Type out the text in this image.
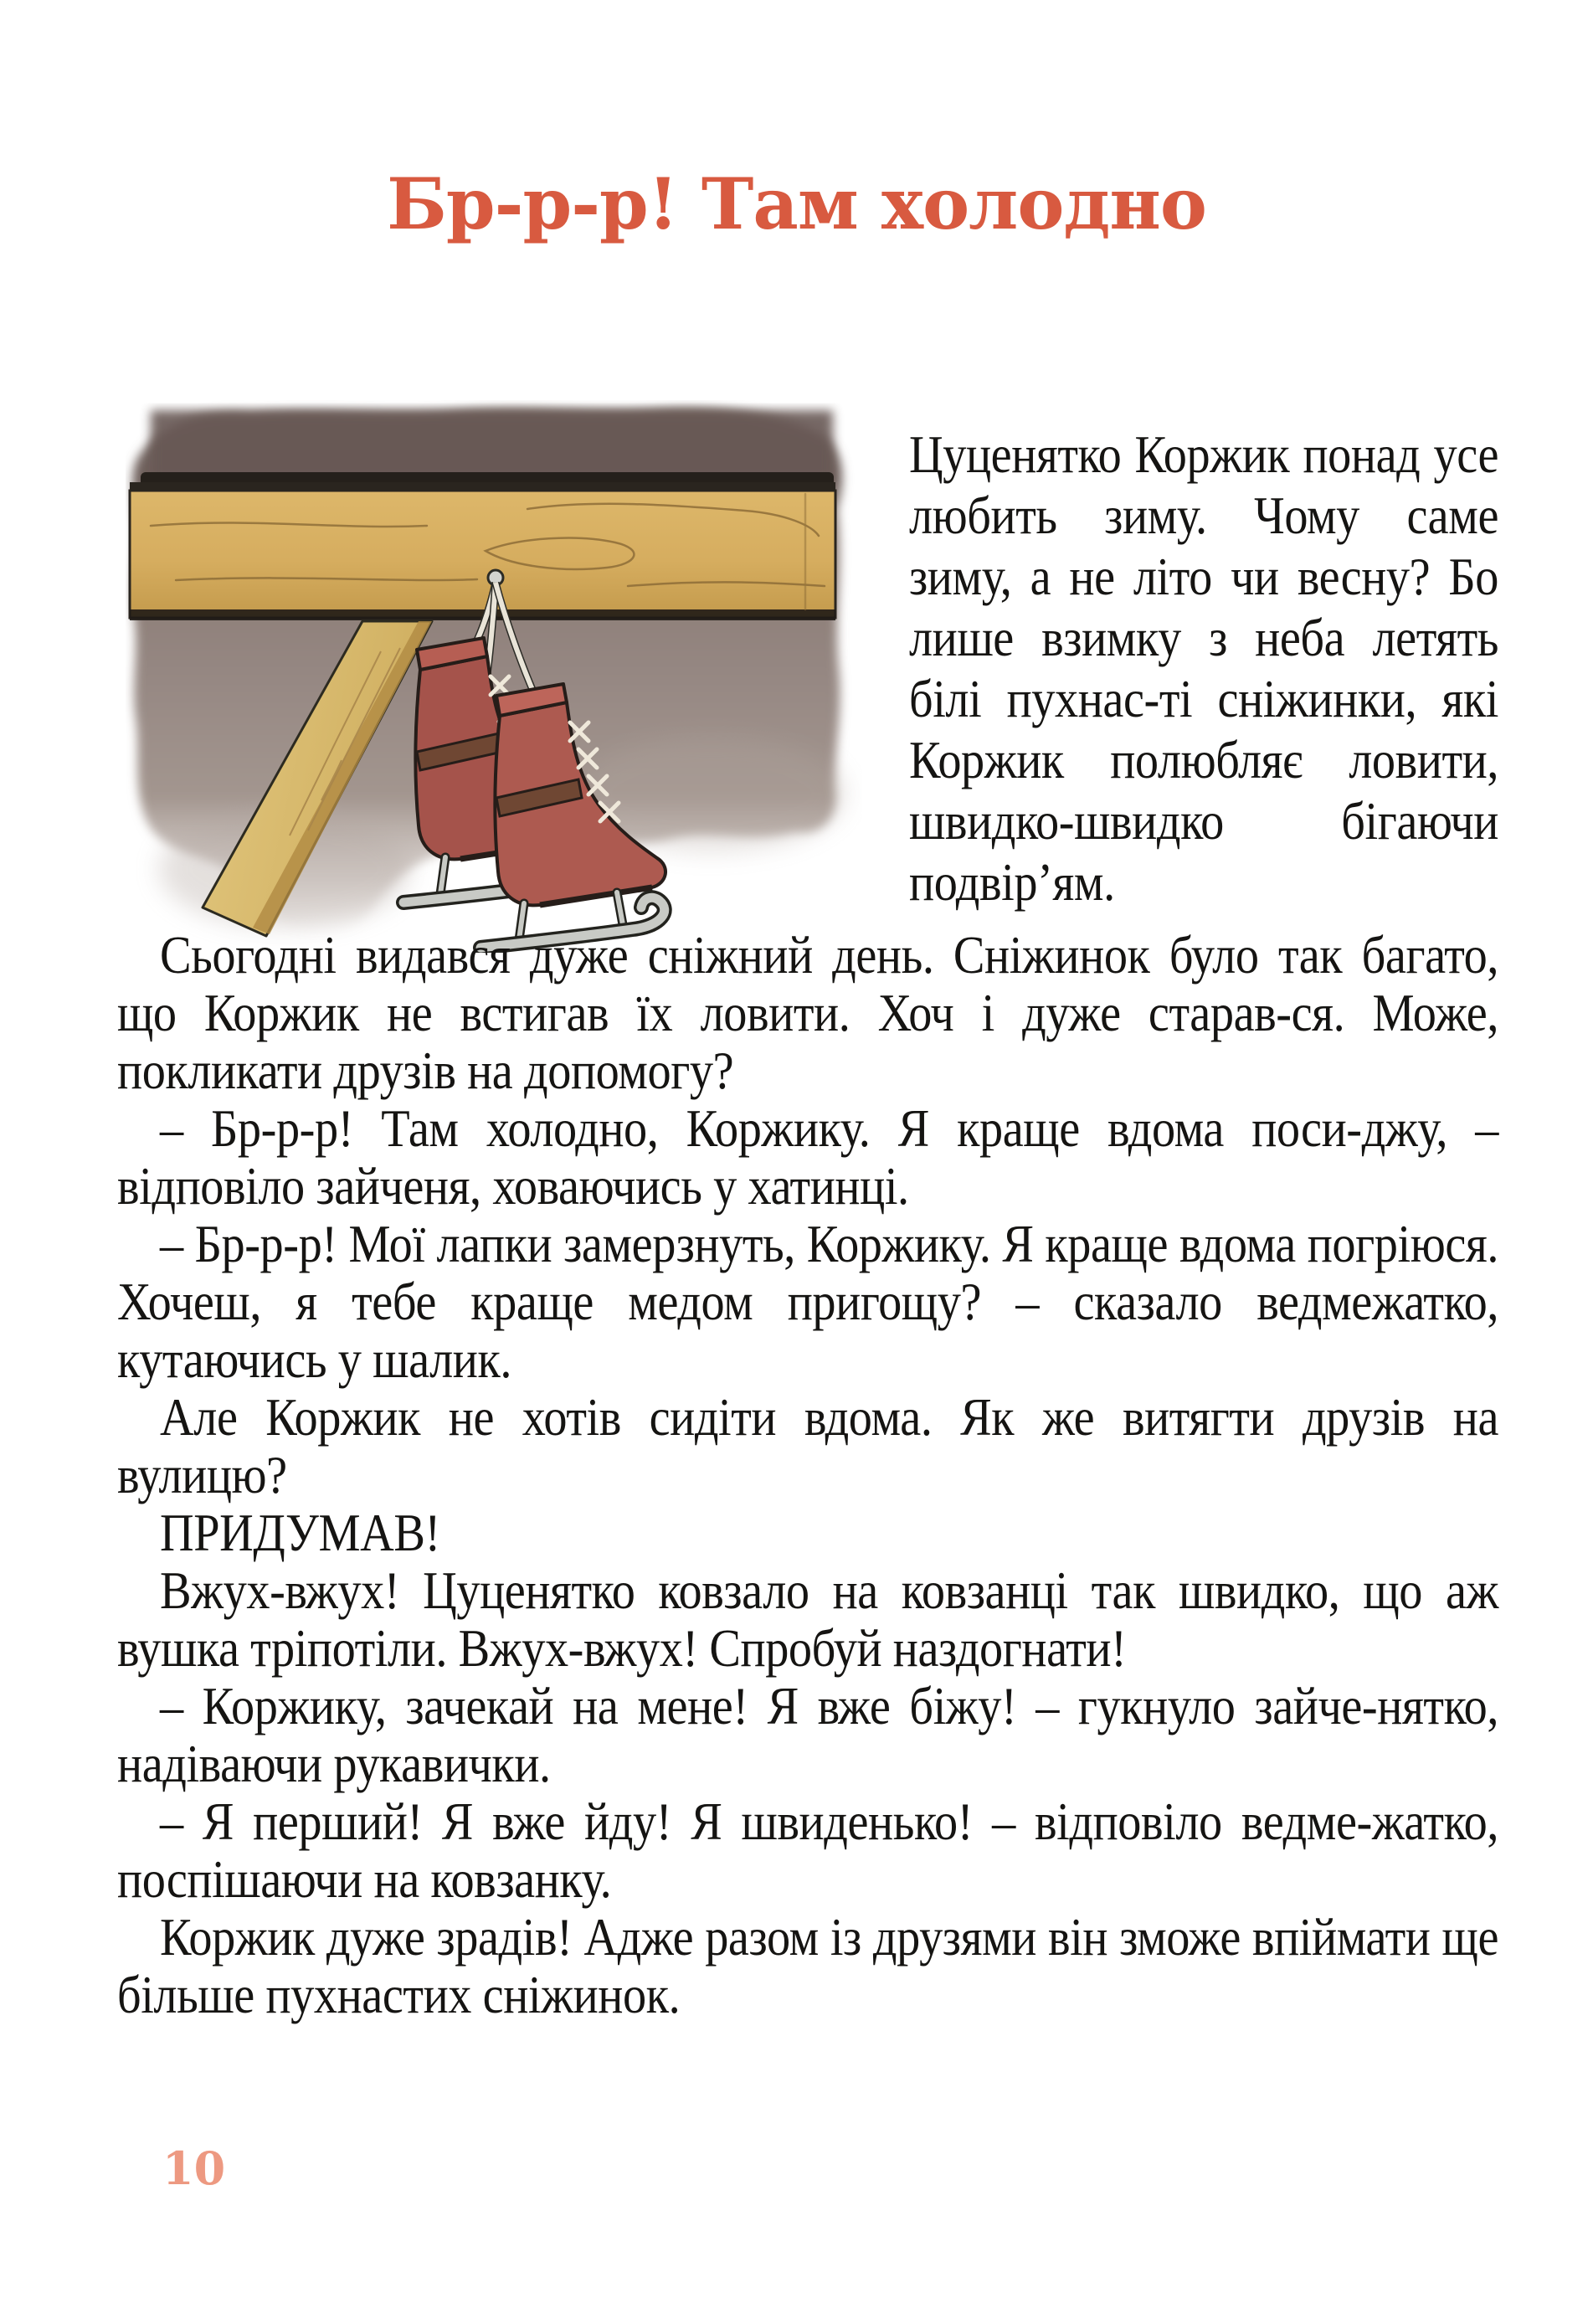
Бр-р-р! Там холодно
Цуценятко Коржик понад усе любить зиму. Чому саме зиму, а не літо чи весну? Бо лише взимку з неба летять білі пухнас-ті сніжинки, які Коржик полюбляє ловити, швидко-швидко бігаючи подвір’ям.

Сьогодні видався дуже сніжний день. Сніжинок було так багато, що Коржик не встигав їх ловити. Хоч і дуже старав-ся. Може, покликати друзів на допомогу?

– Бр-р-р! Там холодно, Коржику. Я краще вдома поси-джу, – відповіло зайченя, ховаючись у хатинці.

– Бр-р-р! Мої лапки замерзнуть, Коржику. Я краще вдома погріюся. Хочеш, я тебе краще медом пригощу? – сказало ведмежатко, кутаючись у шалик.

Але Коржик не хотів сидіти вдома. Як же витягти друзів на вулицю?

ПРИДУМАВ!

Вжух-вжух! Цуценятко ковзало на ковзанці так швидко, що аж вушка тріпотіли. Вжух-вжух! Спробуй наздогнати!

– Коржику, зачекай на мене! Я вже біжу! – гукнуло зайче-нятко, надіваючи рукавички.

– Я перший! Я вже йду! Я швиденько! – відповіло ведме-жатко, поспішаючи на ковзанку.

Коржик дуже зрадів! Адже разом із друзями він зможе впіймати ще більше пухнастих сніжинок.

10
